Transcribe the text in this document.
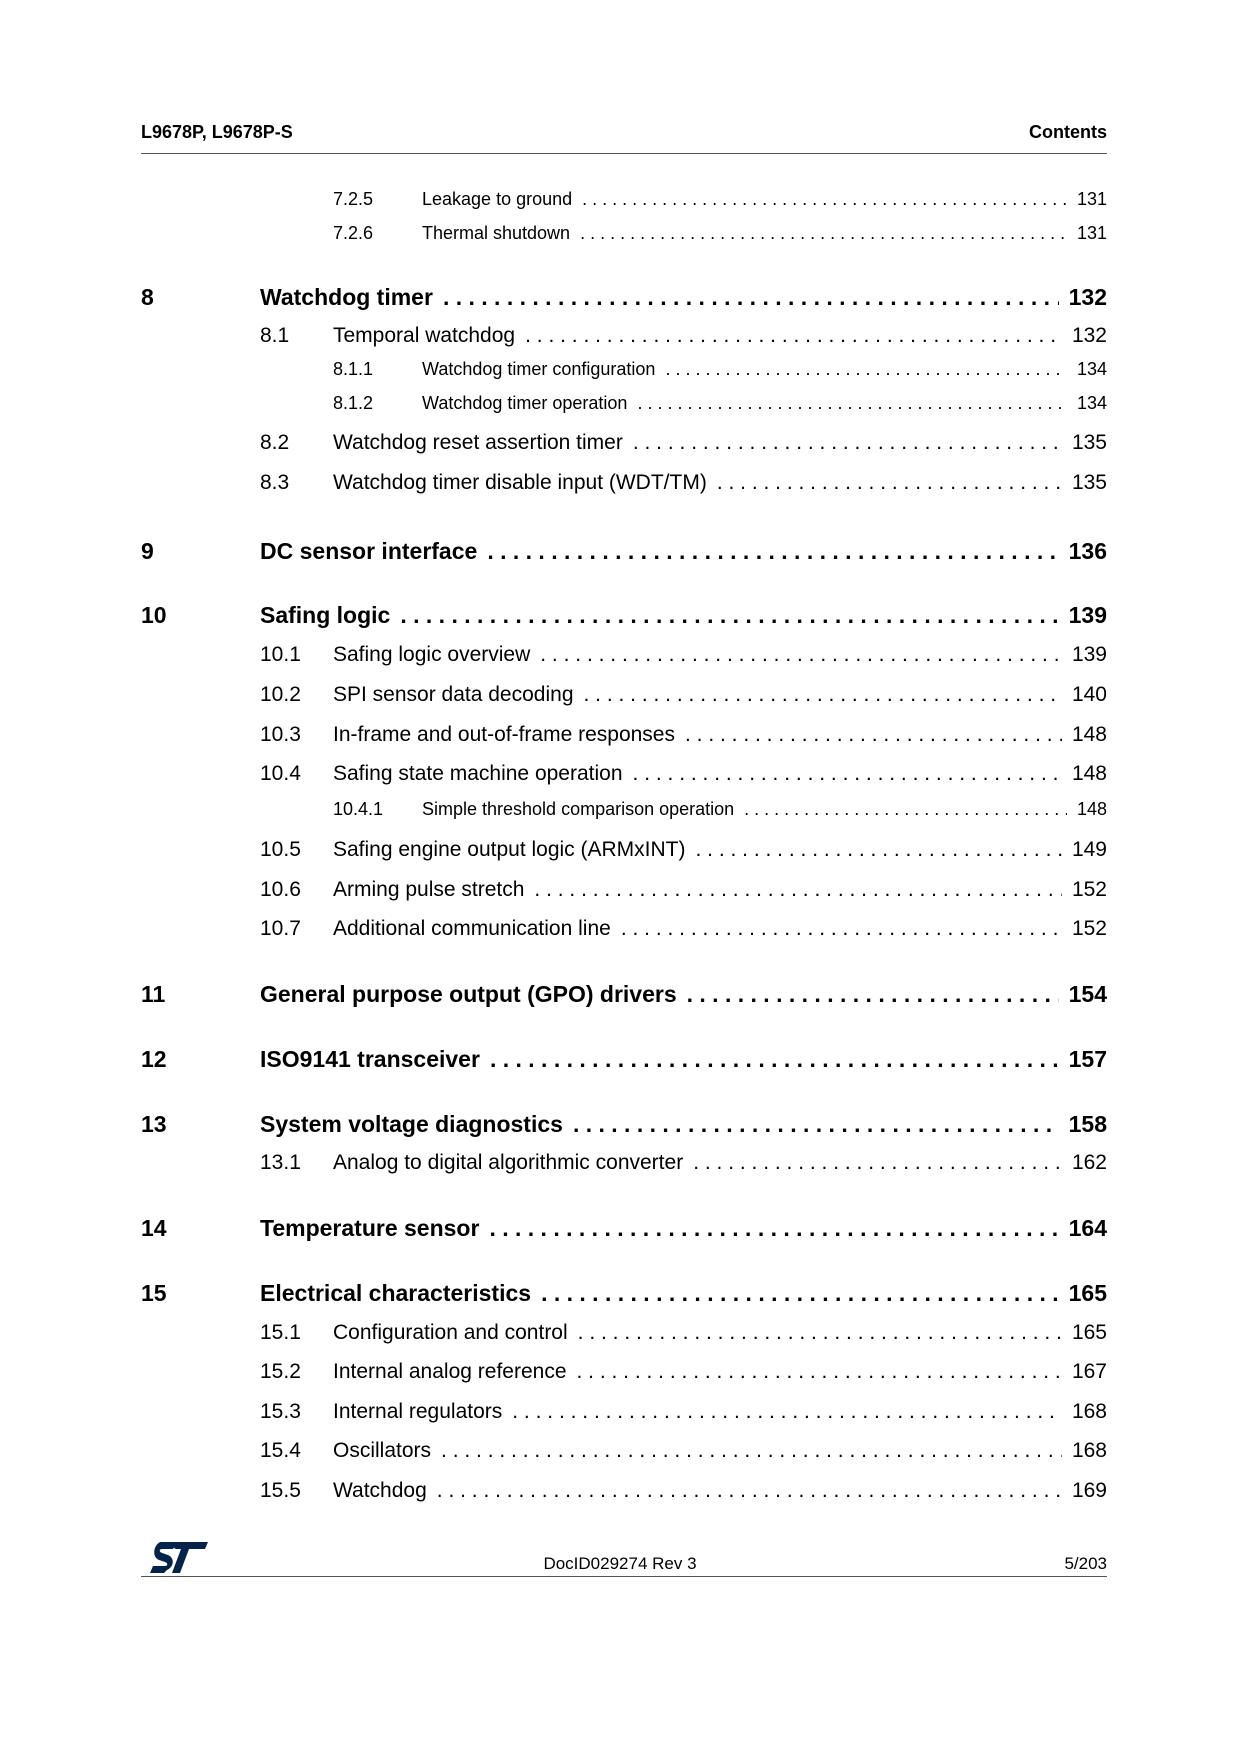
L9678P, L9678P-S	Contents
7.2.5	Leakage to ground . . .	131
7.2.6	Thermal shutdown . . .	131
8	Watchdog timer . . .	132
8.1 Temporal watchdog . . .	132
8.1.1	Watchdog timer configuration . . .	134
8.1.2	Watchdog timer operation . . .	134
8.2 Watchdog reset assertion timer . . .	135
8.3 Watchdog timer disable input (WDT/TM) . . .	135
9	DC sensor interface . . .	136
10	Safing logic . . .	139
10.1 Safing logic overview . . .	139
10.2 SPI sensor data decoding . . .	140
10.3 In-frame and out-of-frame responses . . .	148
10.4 Safing state machine operation . . .	148
10.4.1 Simple threshold comparison operation . . .	148
10.5 Safing engine output logic (ARMxINT) . . .	149
10.6 Arming pulse stretch . . .	152
10.7 Additional communication line . . .	152
11	General purpose output (GPO) drivers . . .	154
12	ISO9141 transceiver . . .	157
13	System voltage diagnostics . . .	158
13.1 Analog to digital algorithmic converter . . .	162
14	Temperature sensor . . .	164
15	Electrical characteristics . . .	165
15.1 Configuration and control . . .	165
15.2 Internal analog reference . . .	167
15.3 Internal regulators . . .	168
15.4 Oscillators . . .	168
15.5 Watchdog . . .	169
DocID029274 Rev 3	5/203
